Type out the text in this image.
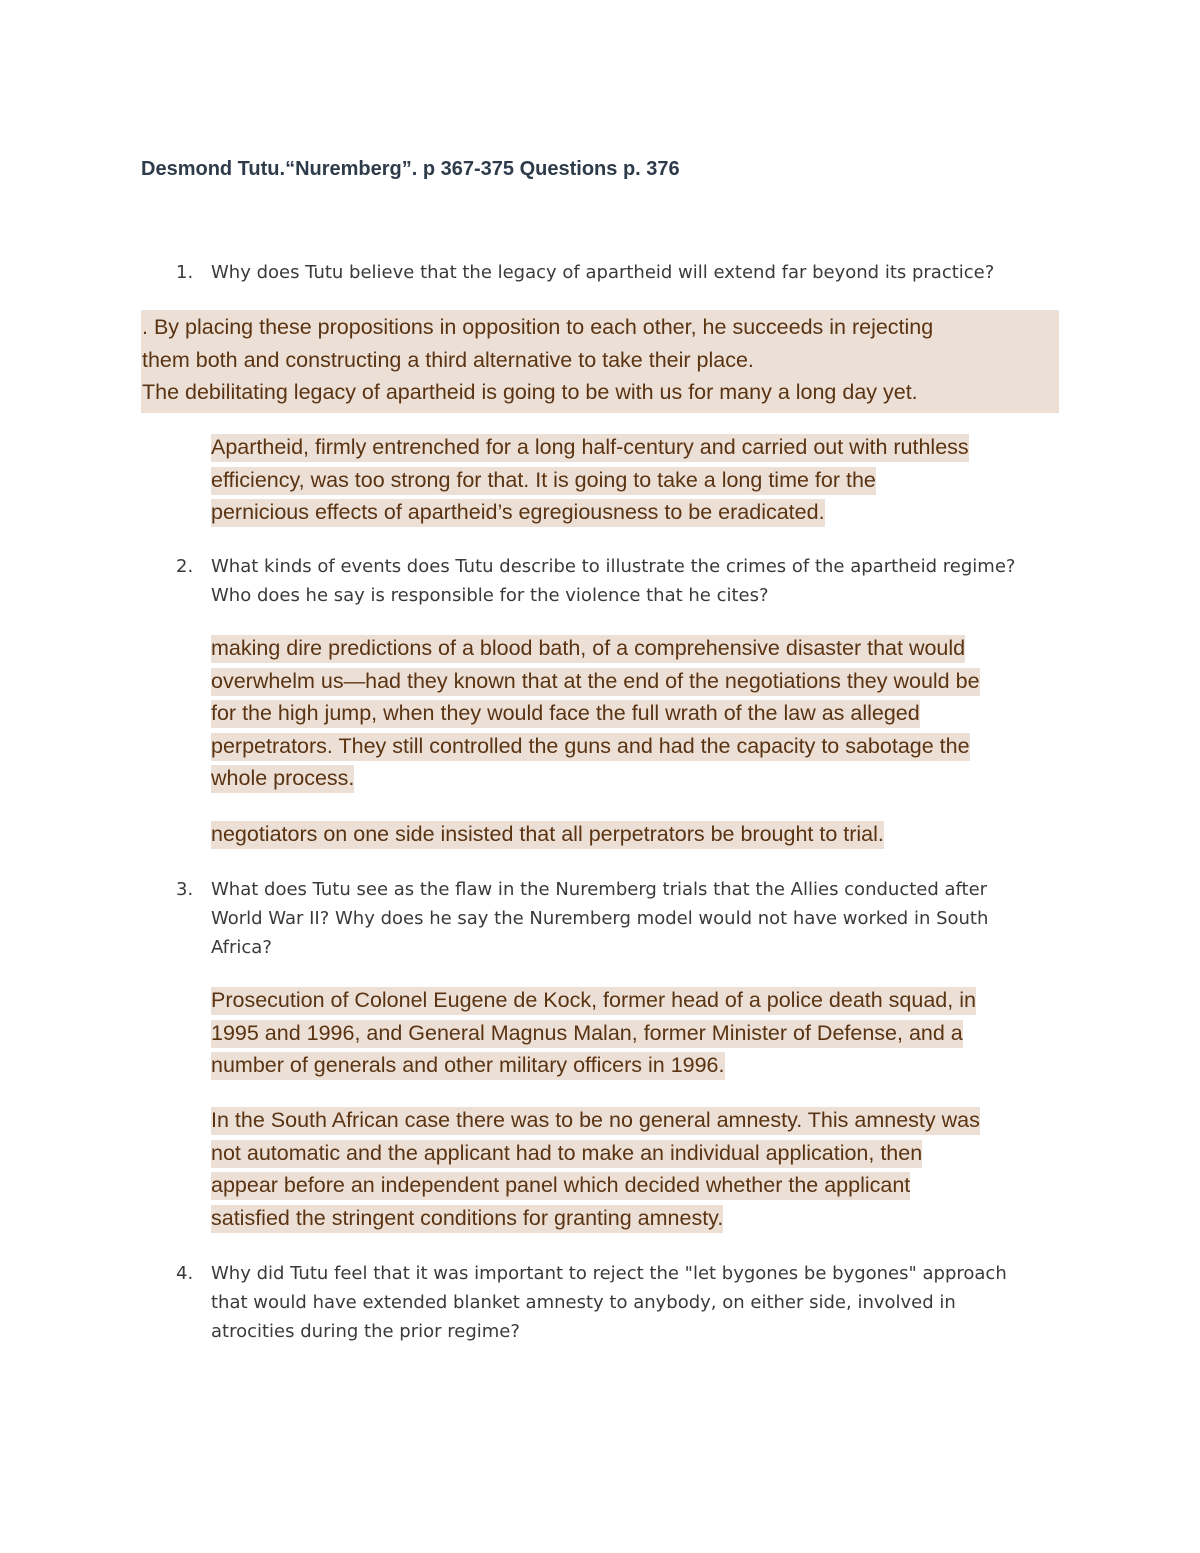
Desmond Tutu.“Nuremberg”. p 367-375 Questions p. 376
1. Why does Tutu believe that the legacy of apartheid will extend far beyond its practice?
. By placing these propositions in opposition to each other, he succeeds in rejecting
them both and constructing a third alternative to take their place.
The debilitating legacy of apartheid is going to be with us for many a long day yet.
Apartheid, firmly entrenched for a long half-century and carried out with ruthless
efficiency, was too strong for that. It is going to take a long time for the
pernicious effects of apartheid’s egregiousness to be eradicated.
2. What kinds of events does Tutu describe to illustrate the crimes of the apartheid regime?
Who does he say is responsible for the violence that he cites?
making dire predictions of a blood bath, of a comprehensive disaster that would
overwhelm us—had they known that at the end of the negotiations they would be
for the high jump, when they would face the full wrath of the law as alleged
perpetrators. They still controlled the guns and had the capacity to sabotage the
whole process.
negotiators on one side insisted that all perpetrators be brought to trial.
3. What does Tutu see as the flaw in the Nuremberg trials that the Allies conducted after
World War II? Why does he say the Nuremberg model would not have worked in South
Africa?
Prosecution of Colonel Eugene de Kock, former head of a police death squad, in
1995 and 1996, and General Magnus Malan, former Minister of Defense, and a
number of generals and other military officers in 1996.
In the South African case there was to be no general amnesty. This amnesty was
not automatic and the applicant had to make an individual application, then
appear before an independent panel which decided whether the applicant
satisfied the stringent conditions for granting amnesty.
4. Why did Tutu feel that it was important to reject the "let bygones be bygones" approach
that would have extended blanket amnesty to anybody, on either side, involved in
atrocities during the prior regime?
